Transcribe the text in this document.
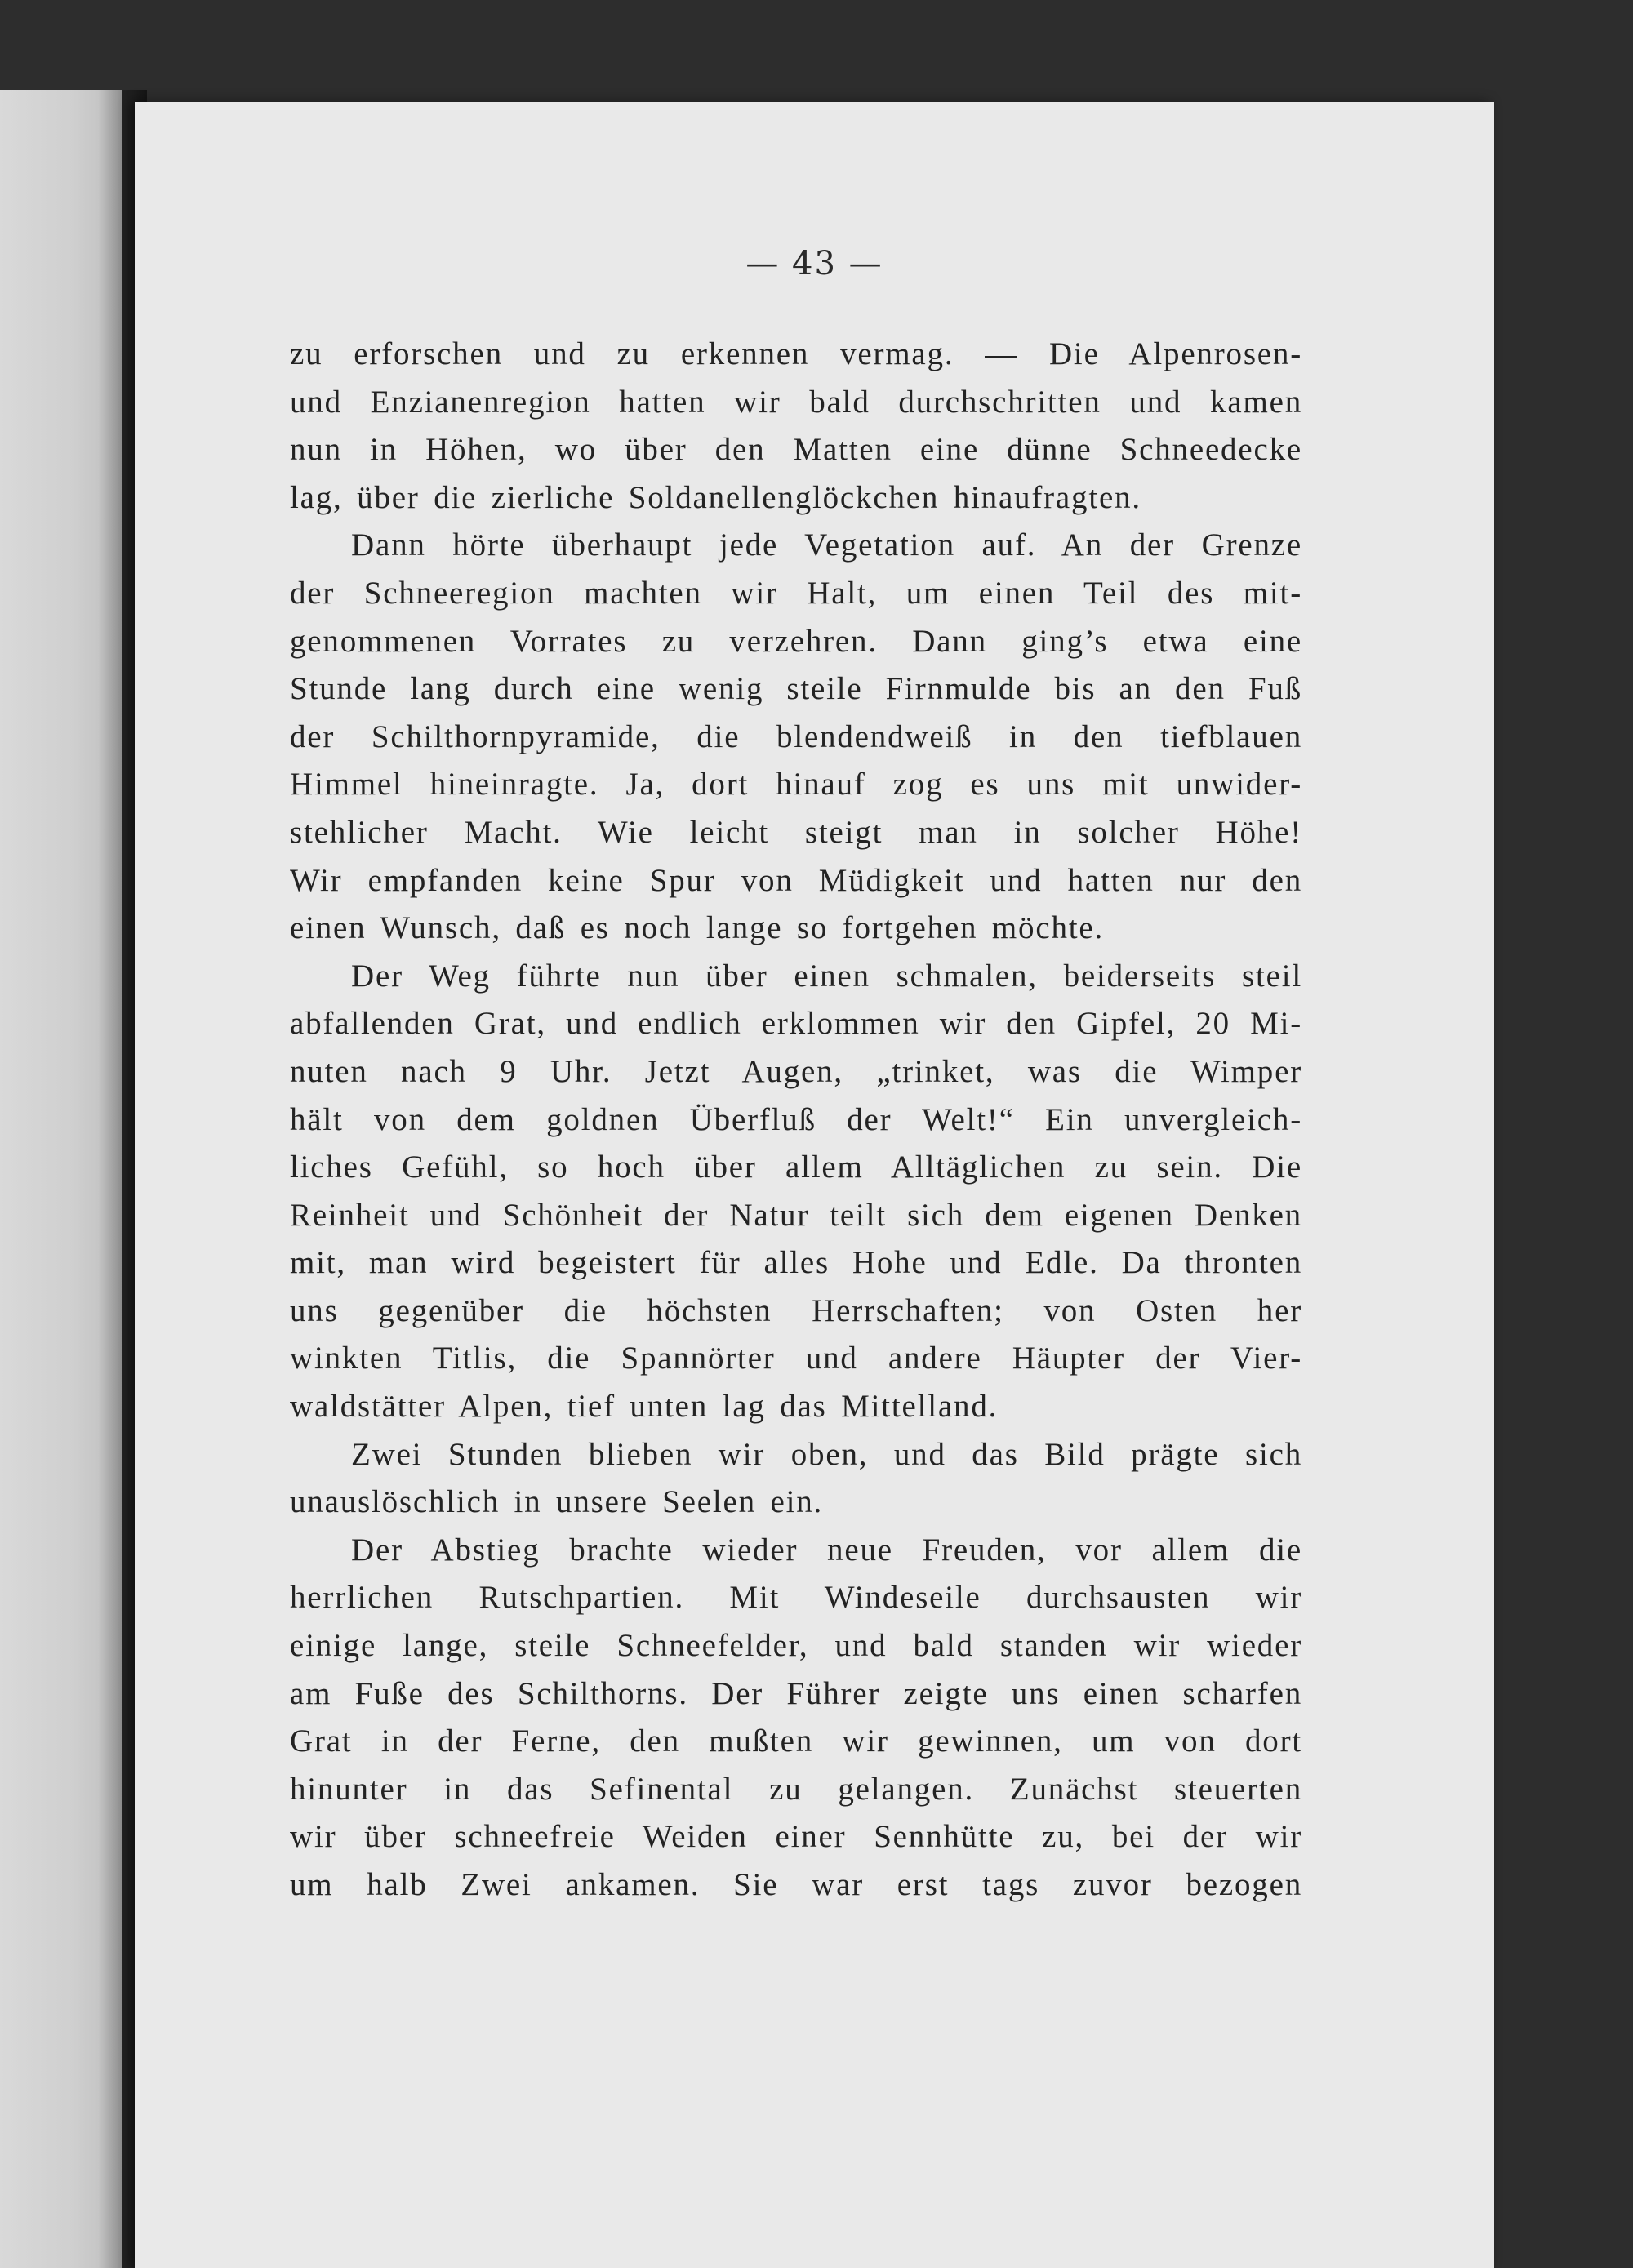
— 43 —
zu erforschen und zu erkennen vermag. — Die Alpenrosen-
und Enzianenregion hatten wir bald durchschritten und kamen
nun in Höhen, wo über den Matten eine dünne Schneedecke
lag, über die zierliche Soldanellenglöckchen hinaufragten.
Dann hörte überhaupt jede Vegetation auf. An der Grenze
der Schneeregion machten wir Halt, um einen Teil des mit-
genommenen Vorrates zu verzehren. Dann ging’s etwa eine
Stunde lang durch eine wenig steile Firnmulde bis an den Fuß
der Schilthornpyramide, die blendendweiß in den tiefblauen
Himmel hineinragte. Ja, dort hinauf zog es uns mit unwider-
stehlicher Macht. Wie leicht steigt man in solcher Höhe!
Wir empfanden keine Spur von Müdigkeit und hatten nur den
einen Wunsch, daß es noch lange so fortgehen möchte.
Der Weg führte nun über einen schmalen, beiderseits steil
abfallenden Grat, und endlich erklommen wir den Gipfel, 20 Mi-
nuten nach 9 Uhr. Jetzt Augen, „trinket, was die Wimper
hält von dem goldnen Überfluß der Welt!“ Ein unvergleich-
liches Gefühl, so hoch über allem Alltäglichen zu sein. Die
Reinheit und Schönheit der Natur teilt sich dem eigenen Denken
mit, man wird begeistert für alles Hohe und Edle. Da thronten
uns gegenüber die höchsten Herrschaften; von Osten her
winkten Titlis, die Spannörter und andere Häupter der Vier-
waldstätter Alpen, tief unten lag das Mittelland.
Zwei Stunden blieben wir oben, und das Bild prägte sich
unauslöschlich in unsere Seelen ein.
Der Abstieg brachte wieder neue Freuden, vor allem die
herrlichen Rutschpartien. Mit Windeseile durchsausten wir
einige lange, steile Schneefelder, und bald standen wir wieder
am Fuße des Schilthorns. Der Führer zeigte uns einen scharfen
Grat in der Ferne, den mußten wir gewinnen, um von dort
hinunter in das Sefinental zu gelangen. Zunächst steuerten
wir über schneefreie Weiden einer Sennhütte zu, bei der wir
um halb Zwei ankamen. Sie war erst tags zuvor bezogen
